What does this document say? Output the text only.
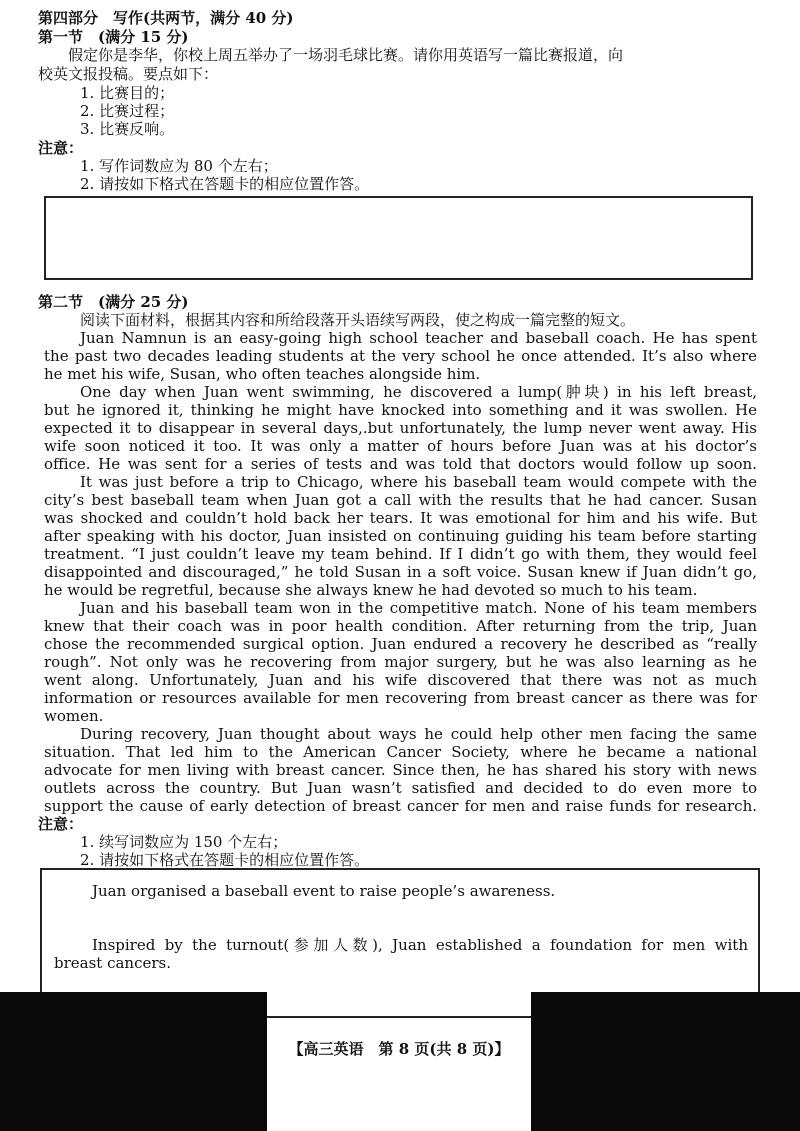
第四部分　写作(共两节，满分 40 分)
第一节　(满分 15 分)
假定你是李华，你校上周五举办了一场羽毛球比赛。请你用英语写一篇比赛报道，向
校英文报投稿。要点如下：
1. 比赛目的；
2. 比赛过程；
3. 比赛反响。
注意：
1. 写作词数应为 80 个左右；
2. 请按如下格式在答题卡的相应位置作答。
第二节　(满分 25 分)
阅读下面材料，根据其内容和所给段落开头语续写两段，使之构成一篇完整的短文。
Juan Namnun is an easy-going high school teacher and baseball coach. He has spent
the past two decades leading students at the very school he once attended. It’s also where
he met his wife, Susan, who often teaches alongside him.
One day when Juan went swimming, he discovered a lump(肿块) in his left breast,
but he ignored it, thinking he might have knocked into something and it was swollen. He
expected it to disappear in several days,.but unfortunately, the lump never went away. His
wife soon noticed it too. It was only a matter of hours before Juan was at his doctor’s
office. He was sent for a series of tests and was told that doctors would follow up soon.
It was just before a trip to Chicago, where his baseball team would compete with the
city’s best baseball team when Juan got a call with the results that he had cancer. Susan
was shocked and couldn’t hold back her tears. It was emotional for him and his wife. But
after speaking with his doctor, Juan insisted on continuing guiding his team before starting
treatment. “I just couldn’t leave my team behind. If I didn’t go with them, they would feel
disappointed and discouraged,” he told Susan in a soft voice. Susan knew if Juan didn’t go,
he would be regretful, because she always knew he had devoted so much to his team.
Juan and his baseball team won in the competitive match. None of his team members
knew that their coach was in poor health condition. After returning from the trip, Juan
chose the recommended surgical option. Juan endured a recovery he described as “really
rough”. Not only was he recovering from major surgery, but he was also learning as he
went along. Unfortunately, Juan and his wife discovered that there was not as much
information or resources available for men recovering from breast cancer as there was for
women.
During recovery, Juan thought about ways he could help other men facing the same
situation. That led him to the American Cancer Society, where he became a national
advocate for men living with breast cancer. Since then, he has shared his story with news
outlets across the country. But Juan wasn’t satisfied and decided to do even more to
support the cause of early detection of breast cancer for men and raise funds for research.
注意：
1. 续写词数应为 150 个左右；
2. 请按如下格式在答题卡的相应位置作答。
Juan organised a baseball event to raise people’s awareness.
Inspired by the turnout(参加人数), Juan established a foundation for men with
breast cancers.
【高三英语　第 8 页(共 8 页)】
